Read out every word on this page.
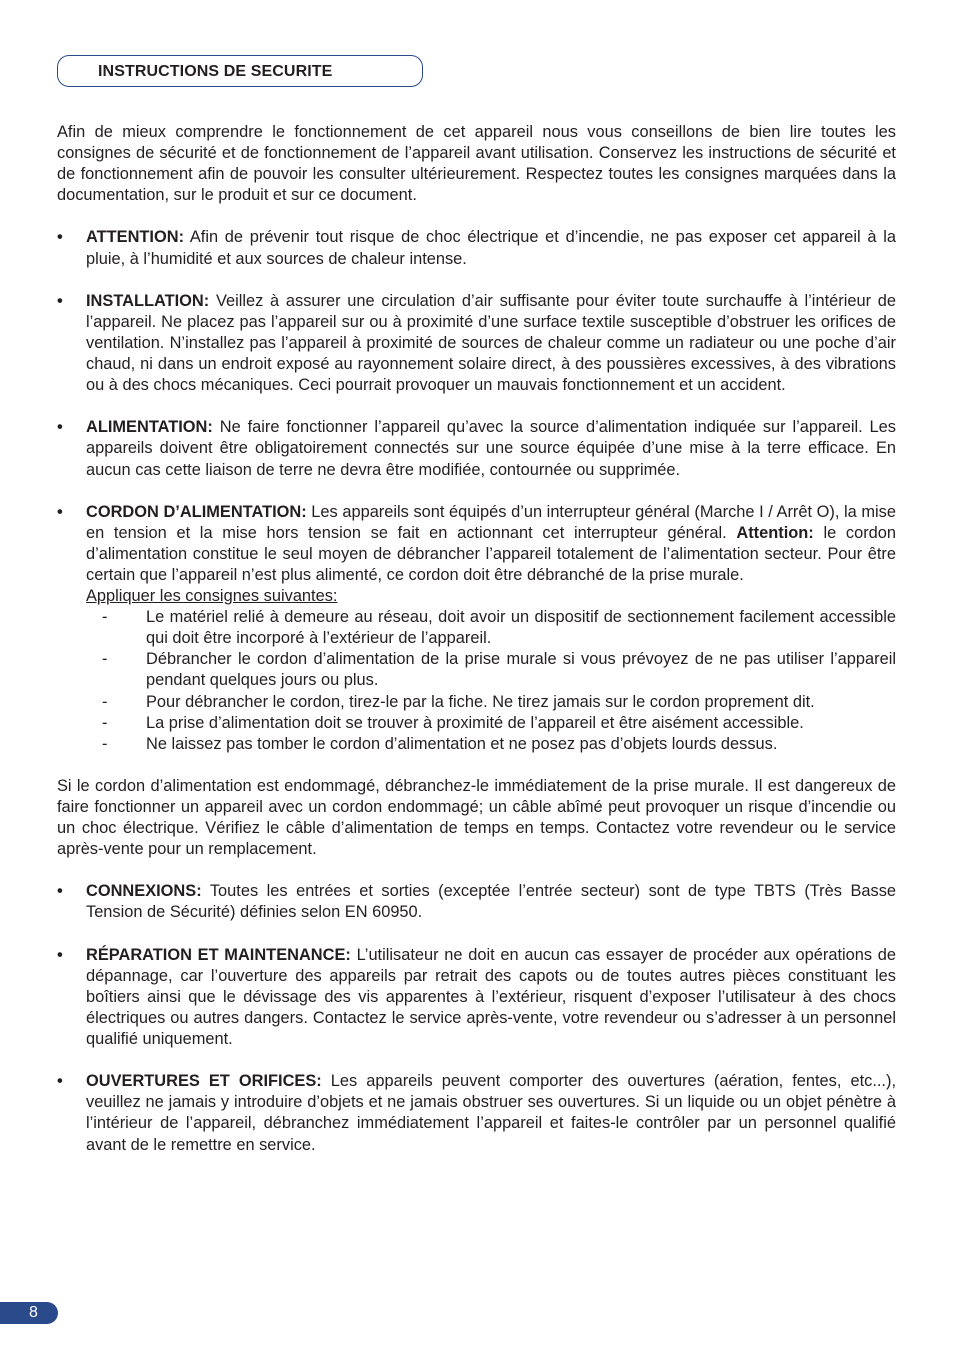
INSTRUCTIONS DE SECURITE

Afin de mieux comprendre le fonctionnement de cet appareil nous vous conseillons de bien lire toutes les consignes de sécurité et de fonctionnement de l’appareil avant utilisation. Conservez les instructions de sécurité et de fonctionnement afin de pouvoir les consulter ultérieurement. Respectez toutes les consignes marquées dans la documentation, sur le produit et sur ce document.

• ATTENTION: Afin de prévenir tout risque de choc électrique et d’incendie, ne pas exposer cet appareil à la pluie, à l’humidité et aux sources de chaleur intense.
• INSTALLATION: Veillez à assurer une circulation d’air suffisante pour éviter toute surchauffe à l’intérieur de l’appareil. Ne placez pas l’appareil sur ou à proximité d’une surface textile susceptible d’obstruer les orifices de ventilation. N’installez pas l’appareil à proximité de sources de chaleur comme un radiateur ou une poche d’air chaud, ni dans un endroit exposé au rayonnement solaire direct, à des poussières excessives, à des vibrations ou à des chocs mécaniques. Ceci pourrait provoquer un mauvais fonctionnement et un accident.
• ALIMENTATION: Ne faire fonctionner l’appareil qu’avec la source d’alimentation indiquée sur l’appareil. Les appareils doivent être obligatoirement connectés sur une source équipée d’une mise à la terre efficace. En aucun cas cette liaison de terre ne devra être modifiée, contournée ou supprimée.
• CORDON D’ALIMENTATION: Les appareils sont équipés d’un interrupteur général (Marche I / Arrêt O), la mise en tension et la mise hors tension se fait en actionnant cet interrupteur général. Attention: le cordon d’alimentation constitue le seul moyen de débrancher l’appareil totalement de l’alimentation secteur. Pour être certain que l’appareil n’est plus alimenté, ce cordon doit être débranché de la prise murale.
Appliquer les consignes suivantes:
- Le matériel relié à demeure au réseau, doit avoir un dispositif de sectionnement facilement accessible qui doit être incorporé à l’extérieur de l’appareil.
- Débrancher le cordon d’alimentation de la prise murale si vous prévoyez de ne pas utiliser l’appareil pendant quelques jours ou plus.
- Pour débrancher le cordon, tirez-le par la fiche. Ne tirez jamais sur le cordon proprement dit.
- La prise d’alimentation doit se trouver à proximité de l’appareil et être aisément accessible.
- Ne laissez pas tomber le cordon d’alimentation et ne posez pas d’objets lourds dessus.

Si le cordon d’alimentation est endommagé, débranchez-le immédiatement de la prise murale. Il est dangereux de faire fonctionner un appareil avec un cordon endommagé; un câble abîmé peut provoquer un risque d’incendie ou un choc électrique. Vérifiez le câble d’alimentation de temps en temps. Contactez votre revendeur ou le service après-vente pour un remplacement.

• CONNEXIONS: Toutes les entrées et sorties (exceptée l’entrée secteur) sont de type TBTS (Très Basse Tension de Sécurité) définies selon EN 60950.
• RÉPARATION ET MAINTENANCE: L’utilisateur ne doit en aucun cas essayer de procéder aux opérations de dépannage, car l’ouverture des appareils par retrait des capots ou de toutes autres pièces constituant les boîtiers ainsi que le dévissage des vis apparentes à l’extérieur, risquent d’exposer l’utilisateur à des chocs électriques ou autres dangers. Contactez le service après-vente, votre revendeur ou s’adresser à un personnel qualifié uniquement.
• OUVERTURES ET ORIFICES: Les appareils peuvent comporter des ouvertures (aération, fentes, etc...), veuillez ne jamais y introduire d’objets et ne jamais obstruer ses ouvertures. Si un liquide ou un objet pénètre à l’intérieur de l’appareil, débranchez immédiatement l’appareil et faites-le contrôler par un personnel qualifié avant de le remettre en service.
8
